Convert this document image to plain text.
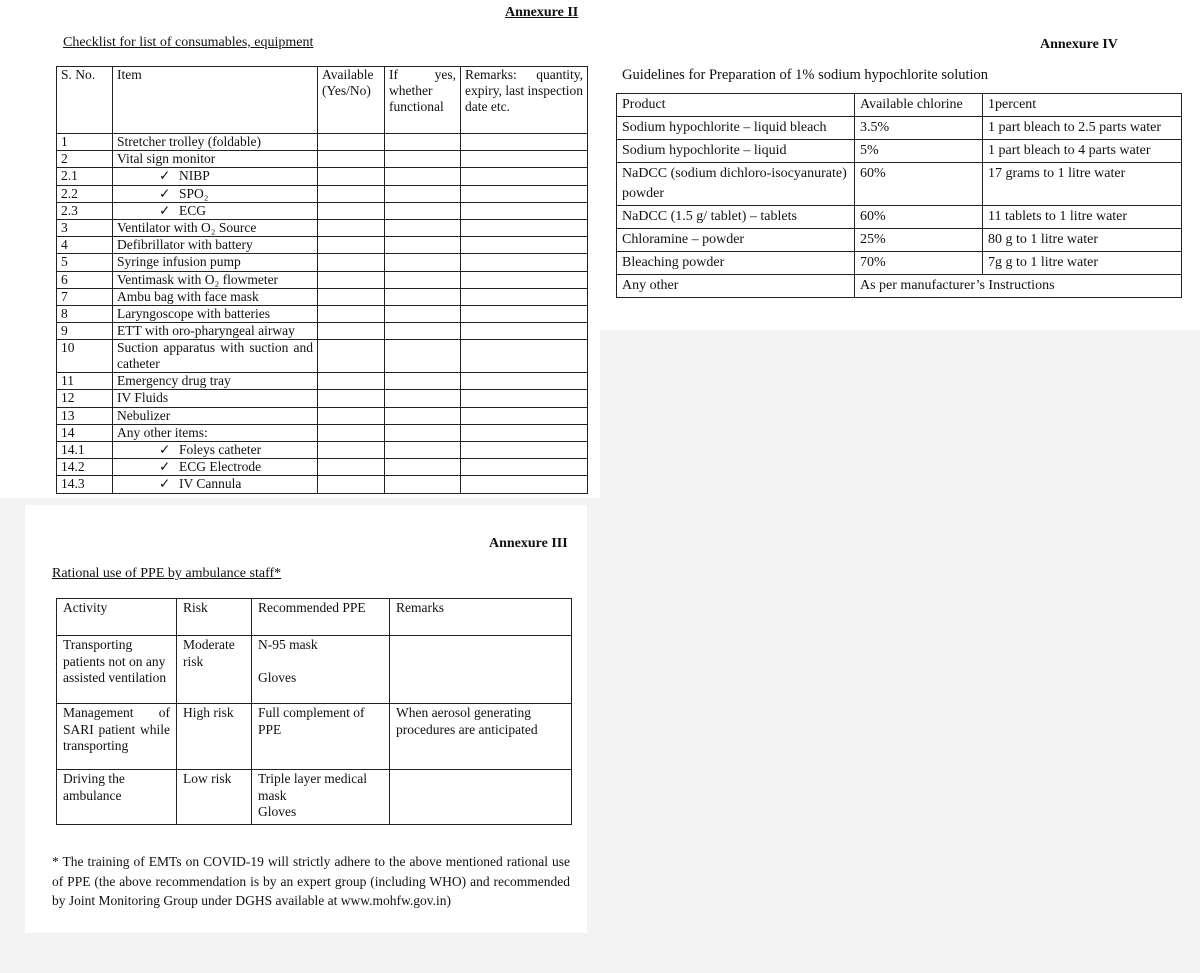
Annexure II
Checklist for list of consumables, equipment
S. No.	Item	Available (Yes/No)	If yes, whether functional	Remarks: quantity, expiry, last inspection date etc.
1	Stretcher trolley (foldable)			
2	Vital sign monitor			
2.1	✓ NIBP			
2.2	✓ SPO₂			
2.3	✓ ECG			
3	Ventilator with O₂ Source			
4	Defibrillator with battery			
5	Syringe infusion pump			
6	Ventimask with O₂ flowmeter			
7	Ambu bag with face mask			
8	Laryngoscope with batteries			
9	ETT with oro-pharyngeal airway			
10	Suction apparatus with suction and catheter			
11	Emergency drug tray			
12	IV Fluids			
13	Nebulizer			
14	Any other items:			
14.1	✓ Foleys catheter			
14.2	✓ ECG Electrode			
14.3	✓ IV Cannula			
Annexure III
Rational use of PPE by ambulance staff*
Activity	Risk	Recommended PPE	Remarks
Transporting patients not on any assisted ventilation	Moderate risk	N-95 mask
Gloves	

Management of SARI patient while transporting	High risk	Full complement of PPE	When aerosol generating procedures are anticipated
Driving the ambulance	Low risk	Triple layer medical mask
Gloves	

* The training of EMTs on COVID-19 will strictly adhere to the above mentioned rational use of PPE (the above recommendation is by an expert group (including WHO) and recommended by Joint Monitoring Group under DGHS available at www.mohfw.gov.in)
Annexure IV
Guidelines for Preparation of 1% sodium hypochlorite solution
Product	Available chlorine	1percent
Sodium hypochlorite – liquid bleach	3.5%	1 part bleach to 2.5 parts water
Sodium hypochlorite – liquid	5%	1 part bleach to 4 parts water
NaDCC (sodium dichloro-isocyanurate) powder	60%	17 grams to 1 litre water
NaDCC (1.5 g/ tablet) – tablets	60%	11 tablets to 1 litre water
Chloramine – powder	25%	80 g to 1 litre water
Bleaching powder	70%	7g g to 1 litre water
Any other	As per manufacturer’s Instructions	
